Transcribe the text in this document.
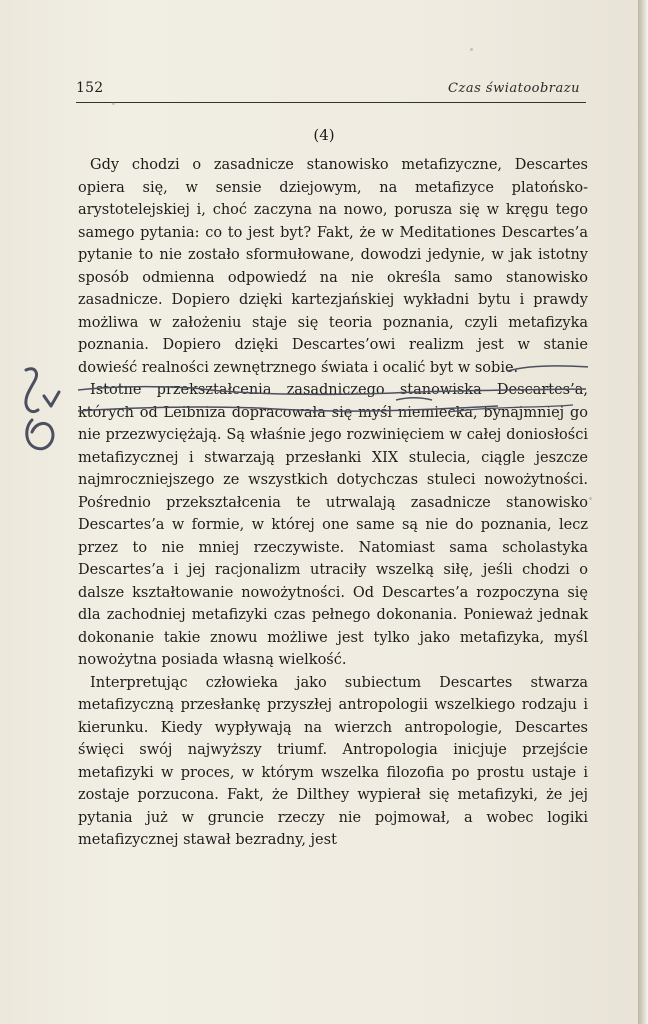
152	Czas światoobrazu
(4)

Gdy chodzi o zasadnicze stanowisko metafizyczne, Descartes opiera się, w sensie dziejowym, na metafizyce platońsko-arystotelejskiej i, choć zaczyna na nowo, porusza się w kręgu tego samego pytania: co to jest byt? Fakt, że w Meditationes Descartes’a pytanie to nie zostało sformułowane, dowodzi jedynie, w jak istotny sposób odmienna odpowiedź na nie określa samo stanowisko zasadnicze. Dopiero dzięki kartezjańskiej wykładni bytu i prawdy możliwa w założeniu staje się teoria poznania, czyli metafizyka poznania. Dopiero dzięki Descartes’owi realizm jest w stanie dowieść realności zewnętrznego świata i ocalić byt w sobie.

Istotne przekształcenia zasadniczego stanowiska Descartes’a, których od Leibniza dopracowała się myśl niemiecka, bynajmniej go nie przezwyciężają. Są właśnie jego rozwinięciem w całej doniosłości metafizycznej i stwarzają przesłanki XIX stulecia, ciągle jeszcze najmroczniejszego ze wszystkich dotychczas stuleci nowożytności. Pośrednio przekształcenia te utrwalają zasadnicze stanowisko Descartes’a w formie, w której one same są nie do poznania, lecz przez to nie mniej rzeczywiste. Natomiast sama scholastyka Descartes’a i jej racjonalizm utraciły wszelką siłę, jeśli chodzi o dalsze kształtowanie nowożytności. Od Descartes’a rozpoczyna się dla zachodniej metafizyki czas pełnego dokonania. Ponieważ jednak dokonanie takie znowu możliwe jest tylko jako metafizyka, myśl nowożytna posiada własną wielkość.

Interpretując człowieka jako subiectum Descartes stwarza metafizyczną przesłankę przyszłej antropologii wszelkiego rodzaju i kierunku. Kiedy wypływają na wierzch antropologie, Descartes święci swój najwyższy triumf. Antropologia inicjuje przejście metafizyki w proces, w którym wszelka filozofia po prostu ustaje i zostaje porzucona. Fakt, że Dilthey wypierał się metafizyki, że jej pytania już w gruncie rzeczy nie pojmował, a wobec logiki metafizycznej stawał bezradny, jest
